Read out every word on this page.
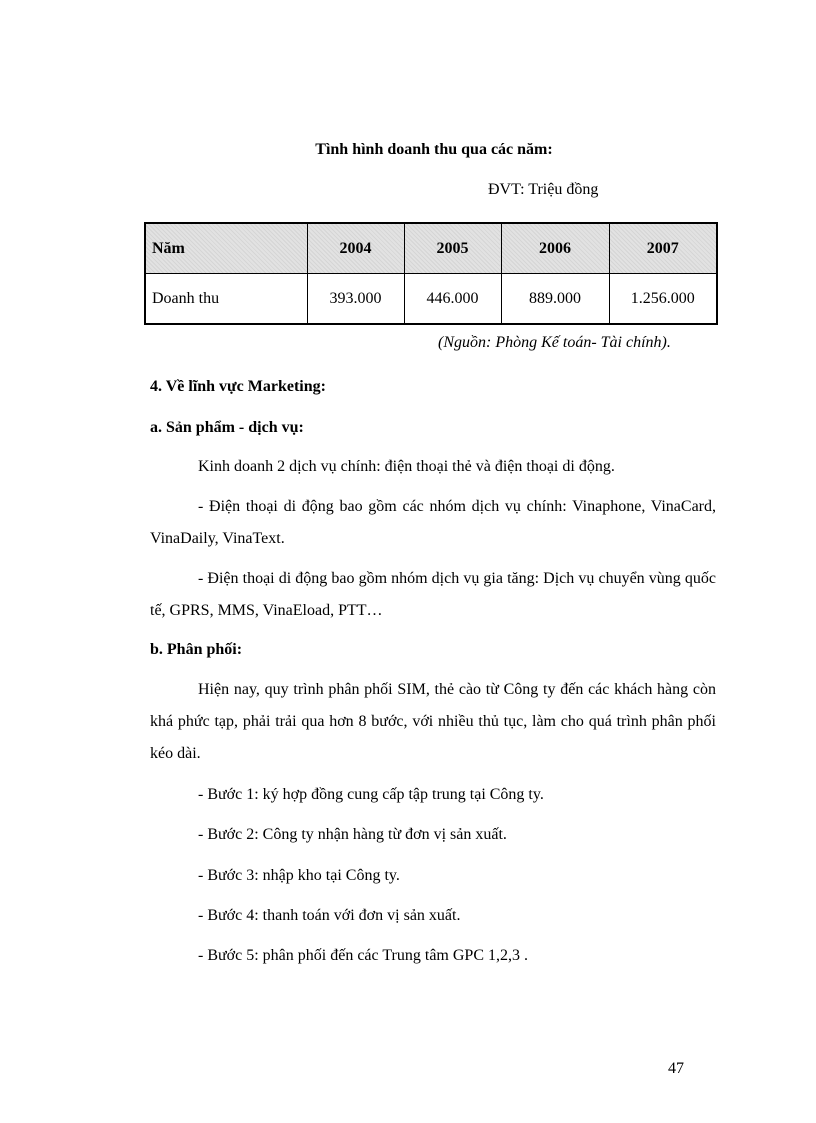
Tình hình doanh thu qua các năm:
ĐVT: Triệu đồng
Năm	2004	2005	2006	2007
Doanh thu	393.000	446.000	889.000	1.256.000
(Nguồn: Phòng Kế toán- Tài chính).
4. Về lĩnh vực Marketing:
a. Sản phẩm - dịch vụ:
Kinh doanh 2 dịch vụ chính: điện thoại thẻ và điện thoại di động.
- Điện thoại di động bao gồm các nhóm dịch vụ chính: Vinaphone, VinaCard, VinaDaily, VinaText.
- Điện thoại di động bao gồm nhóm dịch vụ gia tăng: Dịch vụ chuyển vùng quốc tế, GPRS, MMS, VinaEload, PTT…
b. Phân phối:
Hiện nay, quy trình phân phối SIM, thẻ cào từ Công ty đến các khách hàng còn khá phức tạp, phải trải qua hơn 8 bước, với nhiều thủ tục, làm cho quá trình phân phối kéo dài.
- Bước 1: ký hợp đồng cung cấp tập trung tại Công ty.
- Bước 2: Công ty nhận hàng từ đơn vị sản xuất.
- Bước 3: nhập kho tại Công ty.
- Bước 4: thanh toán với đơn vị sản xuất.
- Bước 5: phân phối đến các Trung tâm GPC 1,2,3 .
47
